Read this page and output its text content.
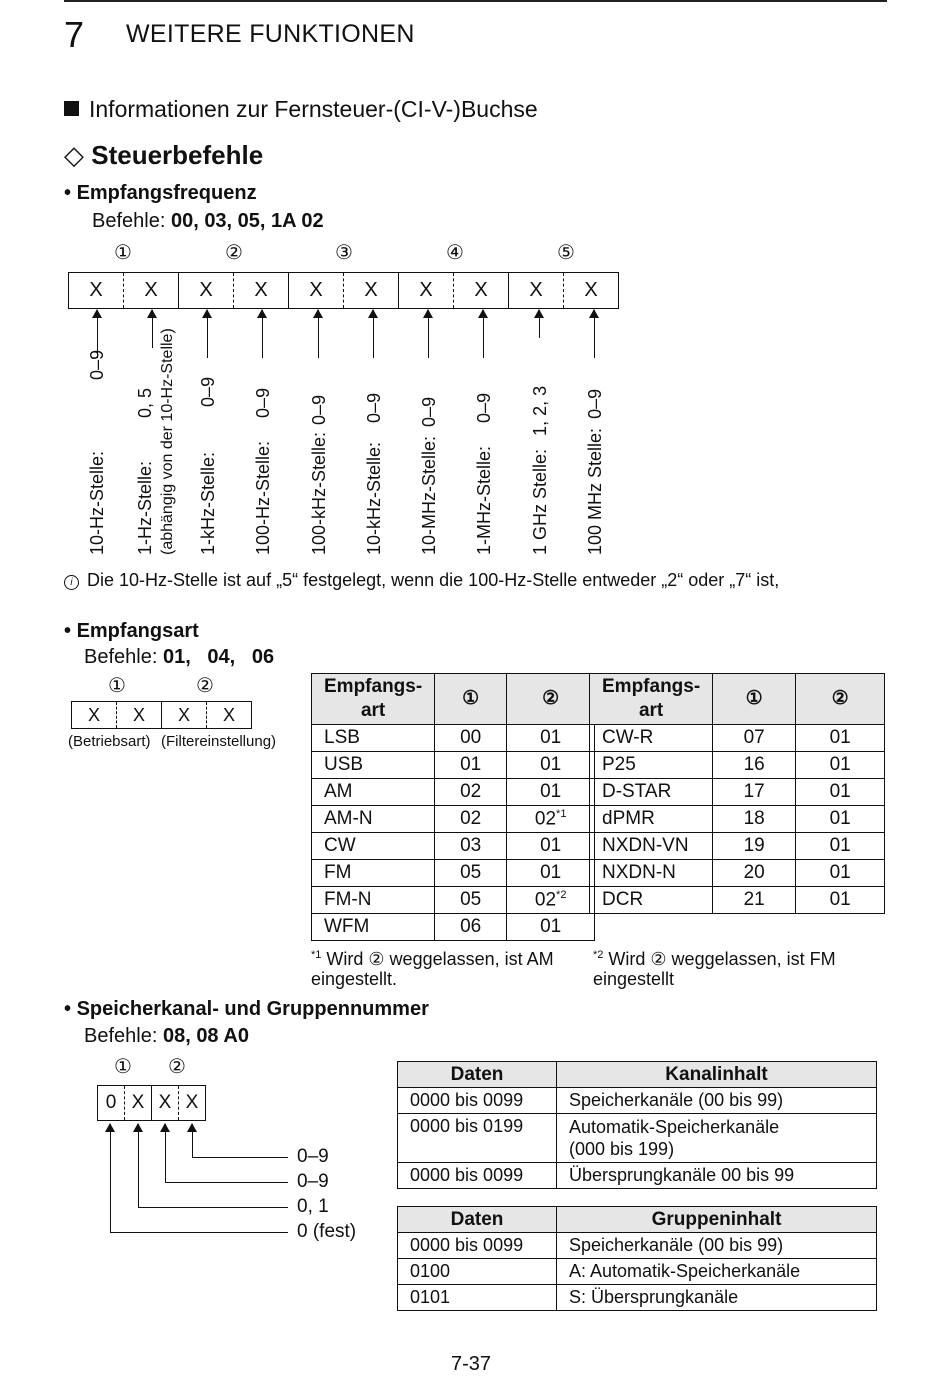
7 WEITERE FUNKTIONEN
Informationen zur Fernsteuer-(CI-V-)Buchse
◇ Steuerbefehle
• Empfangsfrequenz
Befehle: 00, 03, 05, 1A 02
①	②	③	④	⑤
X	X	X	X	X	X	X	X	X	X
10-Hz-Stelle: 0–9
1-Hz-Stelle: 0, 5 (abhängig von der 10-Hz-Stelle) 1-kHz-Stelle: 0–9
100-Hz-Stelle: 0–9
100-kHz-Stelle: 0–9
10-kHz-Stelle: 0–9
10-MHz-Stelle: 0–9
1-MHz-Stelle: 0–9
1 GHz Stelle: 1, 2, 3
100 MHz Stelle: 0–9
i Die 10-Hz-Stelle ist auf „5“ festgelegt, wenn die 100-Hz-Stelle entweder „2“ oder „7“ ist,
• Empfangsart
Befehle: 01,   04,   06
①	②
X	X	X	X
(Betriebsart) (Filtereinstellung)
Empfangs-art	①	②
LSB	00	01
USB	01	01
AM	02	01
AM-N	02	02$^{*1}$
CW	03	01
FM	05	01
FM-N	05	02$^{*2}$
WFM	06	01
Empfangs-art	①	②
CW-R	07	01
P25	16	01
D-STAR	17	01
dPMR	18	01
NXDN-VN	19	01
NXDN-N	20	01
DCR	21	01
$^{*1}$ Wird ② weggelassen, ist AM eingestellt.
$^{*2}$ Wird ② weggelassen, ist FM eingestellt
• Speicherkanal- und Gruppennummer
Befehle: 08, 08 A0
① ②
0	X	X	X
0–9
0–9
0, 1
0 (fest)
Daten	Kanalinhalt
0000 bis 0099	Speicherkanäle (00 bis 99)
0000 bis 0199	Automatik-Speicherkanäle (000 bis 199)
0000 bis 0099	Übersprungkanäle 00 bis 99
Daten	Gruppeninhalt
0000 bis 0099	Speicherkanäle (00 bis 99)
0100	A: Automatik-Speicherkanäle
0101	S: Übersprungkanäle
7-37
